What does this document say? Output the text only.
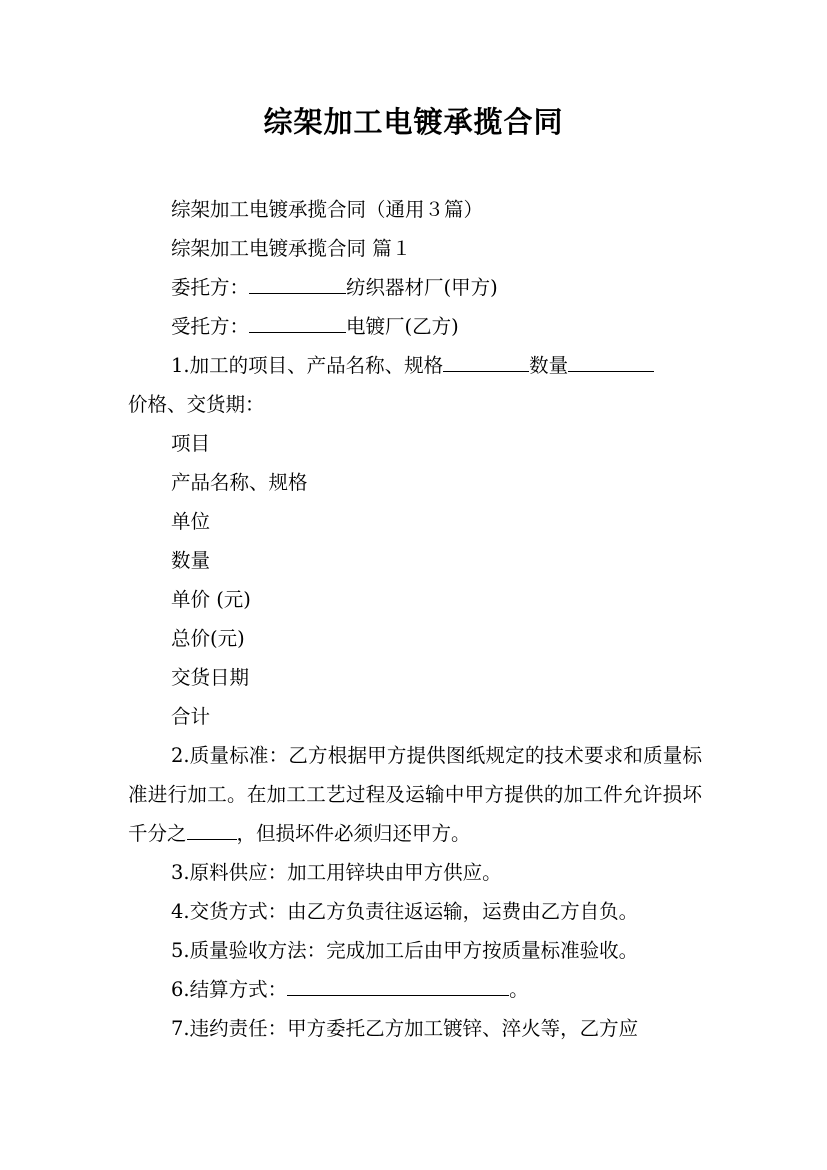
综架加工电镀承揽合同

综架加工电镀承揽合同（通用３篇）

综架加工电镀承揽合同 篇１

委托方：	纺织器材厂(甲方)

受托方：	电镀厂(乙方)

1.加工的项目、产品名称、规格	数量

价格、交货期：

项目

产品名称、规格

单位

数量

单价 (元)

总价(元)

交货日期

合计

2.质量标准：乙方根据甲方提供图纸规定的技术要求和质量标准进行加工。在加工工艺过程及运输中甲方提供的加工件允许损坏千分之	，但损坏件必须归还甲方。

3.原料供应：加工用锌块由甲方供应。

4.交货方式：由乙方负责往返运输，运费由乙方自负。

5.质量验收方法：完成加工后由甲方按质量标准验收。

6.结算方式：	。

7.违约责任：甲方委托乙方加工镀锌、淬火等，乙方应
